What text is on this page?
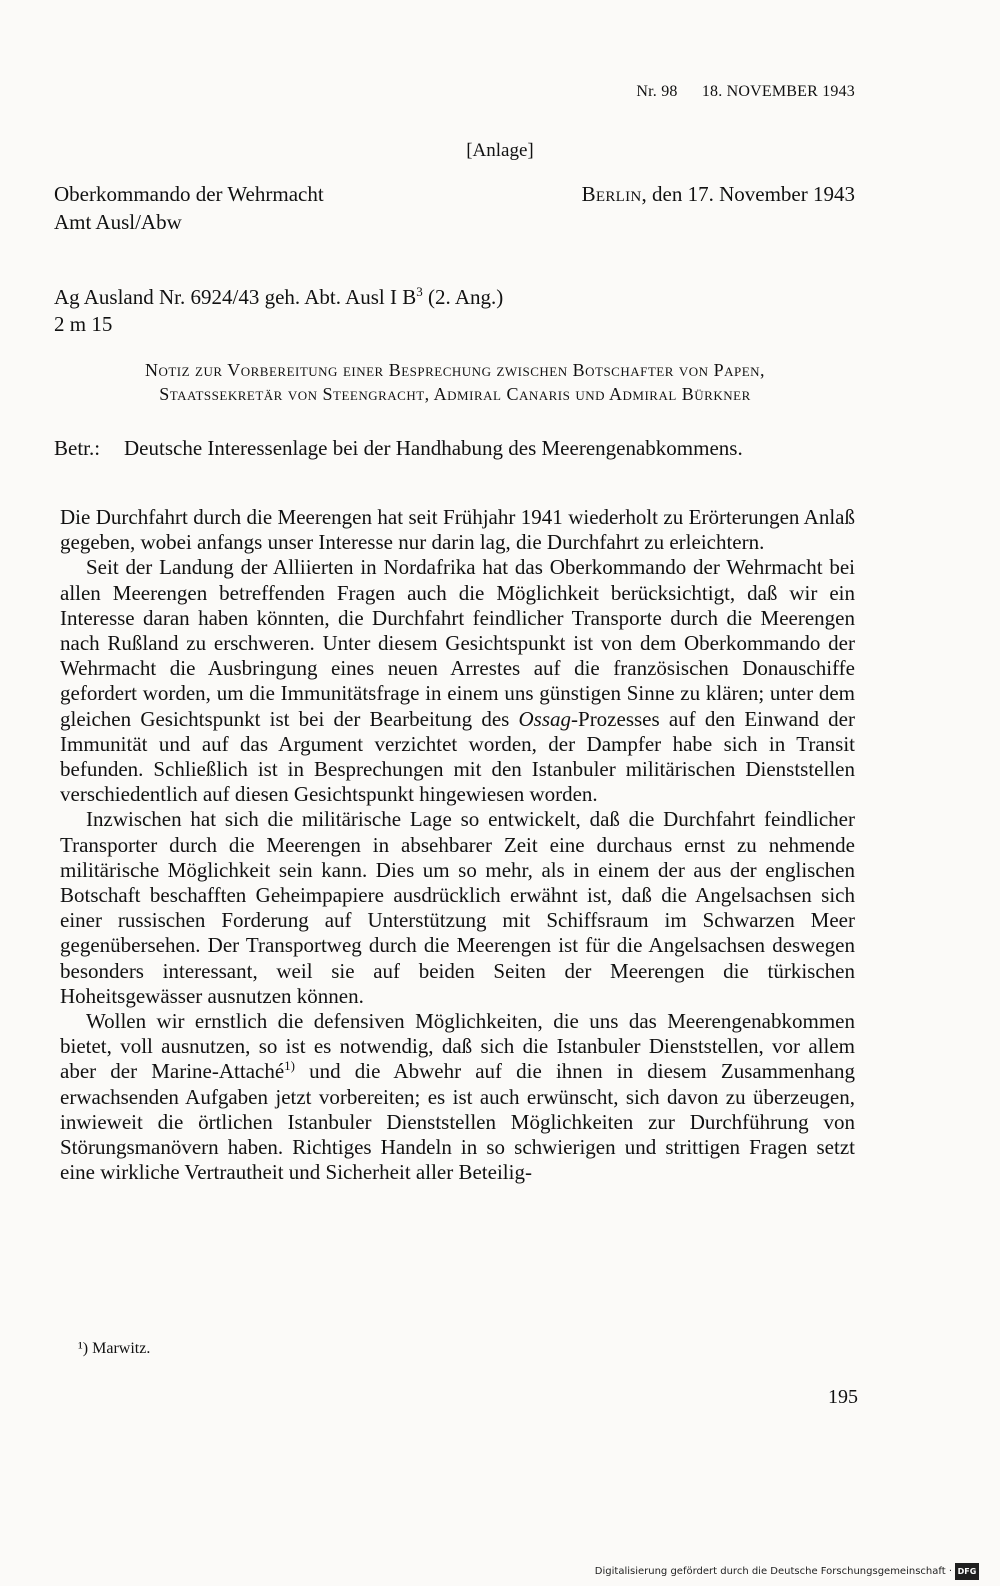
Nr. 98 18. NOVEMBER 1943
[Anlage]
Oberkommando der Wehrmacht
Amt Ausl/Abw
Berlin, den 17. November 1943
Ag Ausland Nr. 6924/43 geh. Abt. Ausl I $B^3$ (2. Ang.)
2 m 15
Notiz zur Vorbereitung einer Besprechung zwischen Botschafter von Papen,
Staatssekretär von Steengracht, Admiral Canaris und Admiral Bürkner
Betr.:	Deutsche Interessenlage bei der Handhabung des Meerengenabkommens.

Die Durchfahrt durch die Meerengen hat seit Frühjahr 1941 wiederholt zu Erörterungen Anlaß gegeben, wobei anfangs unser Interesse nur darin lag, die Durchfahrt zu erleichtern.

Seit der Landung der Alliierten in Nordafrika hat das Oberkommando der Wehrmacht bei allen Meerengen betreffenden Fragen auch die Möglichkeit berücksichtigt, daß wir ein Interesse daran haben könnten, die Durchfahrt feindlicher Transporte durch die Meerengen nach Rußland zu erschweren. Unter diesem Gesichtspunkt ist von dem Oberkommando der Wehrmacht die Ausbringung eines neuen Arrestes auf die französischen Donauschiffe gefordert worden, um die Immunitätsfrage in einem uns günstigen Sinne zu klären; unter dem gleichen Gesichtspunkt ist bei der Bearbeitung des Ossag-Prozesses auf den Einwand der Immunität und auf das Argument verzichtet worden, der Dampfer habe sich in Transit befunden. Schließlich ist in Besprechungen mit den Istanbuler militärischen Dienststellen verschiedentlich auf diesen Gesichtspunkt hingewiesen worden.

Inzwischen hat sich die militärische Lage so entwickelt, daß die Durchfahrt feindlicher Transporter durch die Meerengen in absehbarer Zeit eine durchaus ernst zu nehmende militärische Möglichkeit sein kann. Dies um so mehr, als in einem der aus der englischen Botschaft beschafften Geheimpapiere ausdrücklich erwähnt ist, daß die Angelsachsen sich einer russischen Forderung auf Unterstützung mit Schiffsraum im Schwarzen Meer gegenübersehen. Der Transportweg durch die Meerengen ist für die Angelsachsen deswegen besonders interessant, weil sie auf beiden Seiten der Meerengen die türkischen Hoheitsgewässer ausnutzen können.

Wollen wir ernstlich die defensiven Möglichkeiten, die uns das Meerengenabkommen bietet, voll ausnutzen, so ist es notwendig, daß sich die Istanbuler Dienststellen, vor allem aber der Marine-Attaché$^{1)}$ und die Abwehr auf die ihnen in diesem Zusammenhang erwachsenden Aufgaben jetzt vorbereiten; es ist auch erwünscht, sich davon zu überzeugen, inwieweit die örtlichen Istanbuler Dienststellen Möglichkeiten zur Durchführung von Störungsmanövern haben. Richtiges Handeln in so schwierigen und strittigen Fragen setzt eine wirkliche Vertrautheit und Sicherheit aller Beteilig-

¹) Marwitz.
195
Digitalisierung gefördert durch die Deutsche Forschungsgemeinschaft · DFG
